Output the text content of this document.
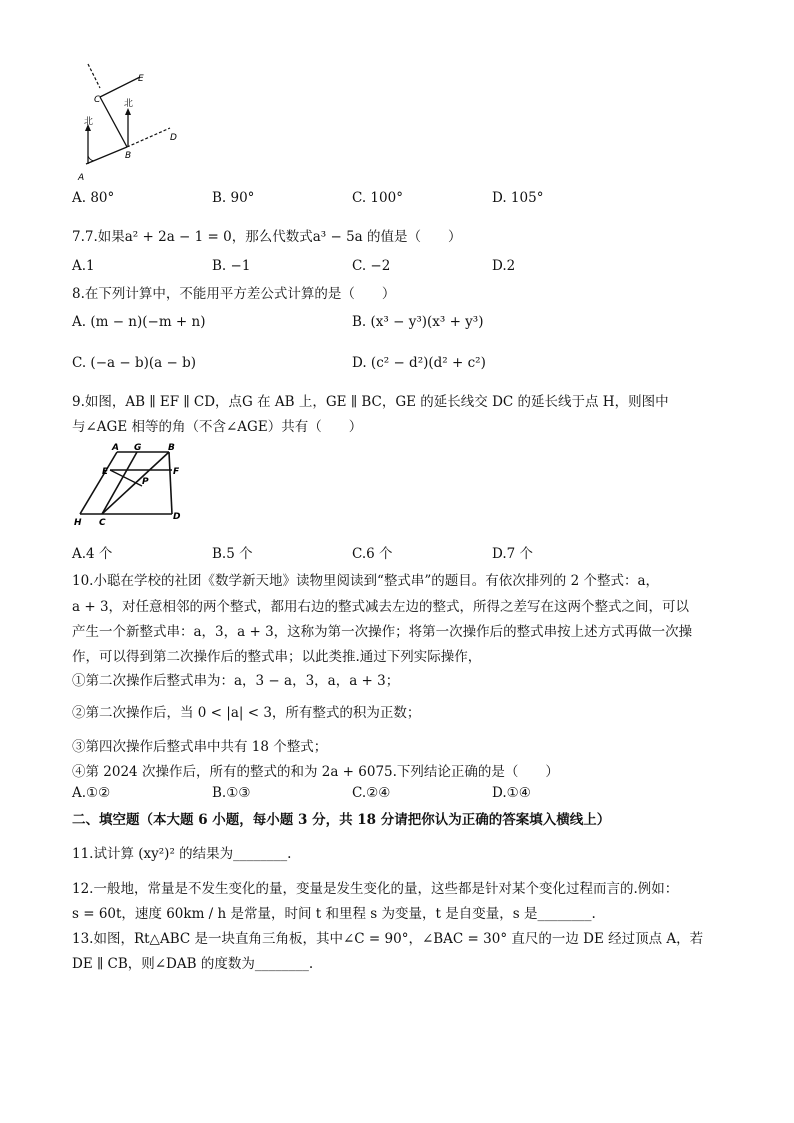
E
C	北
北
D
B
A
A. 80°	B. 90°	C. 100°	D. 105°
7.7.如果a² + 2a − 1 = 0，那么代数式a³ − 5a 的值是（　　）
A.1	B. −1	C. −2	D.2
8.在下列计算中，不能用平方差公式计算的是（　　）
A. (m − n)(−m + n)	B. (x³ − y³)(x³ + y³)
C. (−a − b)(a − b)	D. (c² − d²)(d² + c²)
9.如图，AB ∥ EF ∥ CD，点G 在 AB 上，GE ∥ BC，GE 的延长线交 DC 的延长线于点 H，则图中
与∠AGE 相等的角（不含∠AGE）共有（　　）
A G	B
E	F
P
H C
D
A.4 个	B.5 个	C.6 个	D.7 个
10.小聪在学校的社团《数学新天地》读物里阅读到“整式串”的题目。有依次排列的 2 个整式：a，
a + 3，对任意相邻的两个整式，都用右边的整式减去左边的整式，所得之差写在这两个整式之间，可以
产生一个新整式串：a，3，a + 3，这称为第一次操作；将第一次操作后的整式串按上述方式再做一次操
作，可以得到第二次操作后的整式串；以此类推.通过下列实际操作，
①第二次操作后整式串为：a，3 − a，3，a，a + 3；
②第二次操作后，当 0 < |a| < 3，所有整式的积为正数；
③第四次操作后整式串中共有 18 个整式；
④第 2024 次操作后，所有的整式的和为 2a + 6075.下列结论正确的是（　　）
A.①②	B.①③	C.②④	D.①④
二、填空题（本大题 6 小题，每小题 3 分，共 18 分请把你认为正确的答案填入横线上）
11.试计算 (xy²)² 的结果为________.
12.一般地，常量是不发生变化的量，变量是发生变化的量，这些都是针对某个变化过程而言的.例如：
s = 60t，速度 60km / h 是常量，时间 t 和里程 s 为变量，t 是自变量，s 是________.
13.如图，Rt△ABC 是一块直角三角板，其中∠C = 90°，∠BAC = 30° 直尺的一边 DE 经过顶点 A，若
DE ∥ CB，则∠DAB 的度数为________.
